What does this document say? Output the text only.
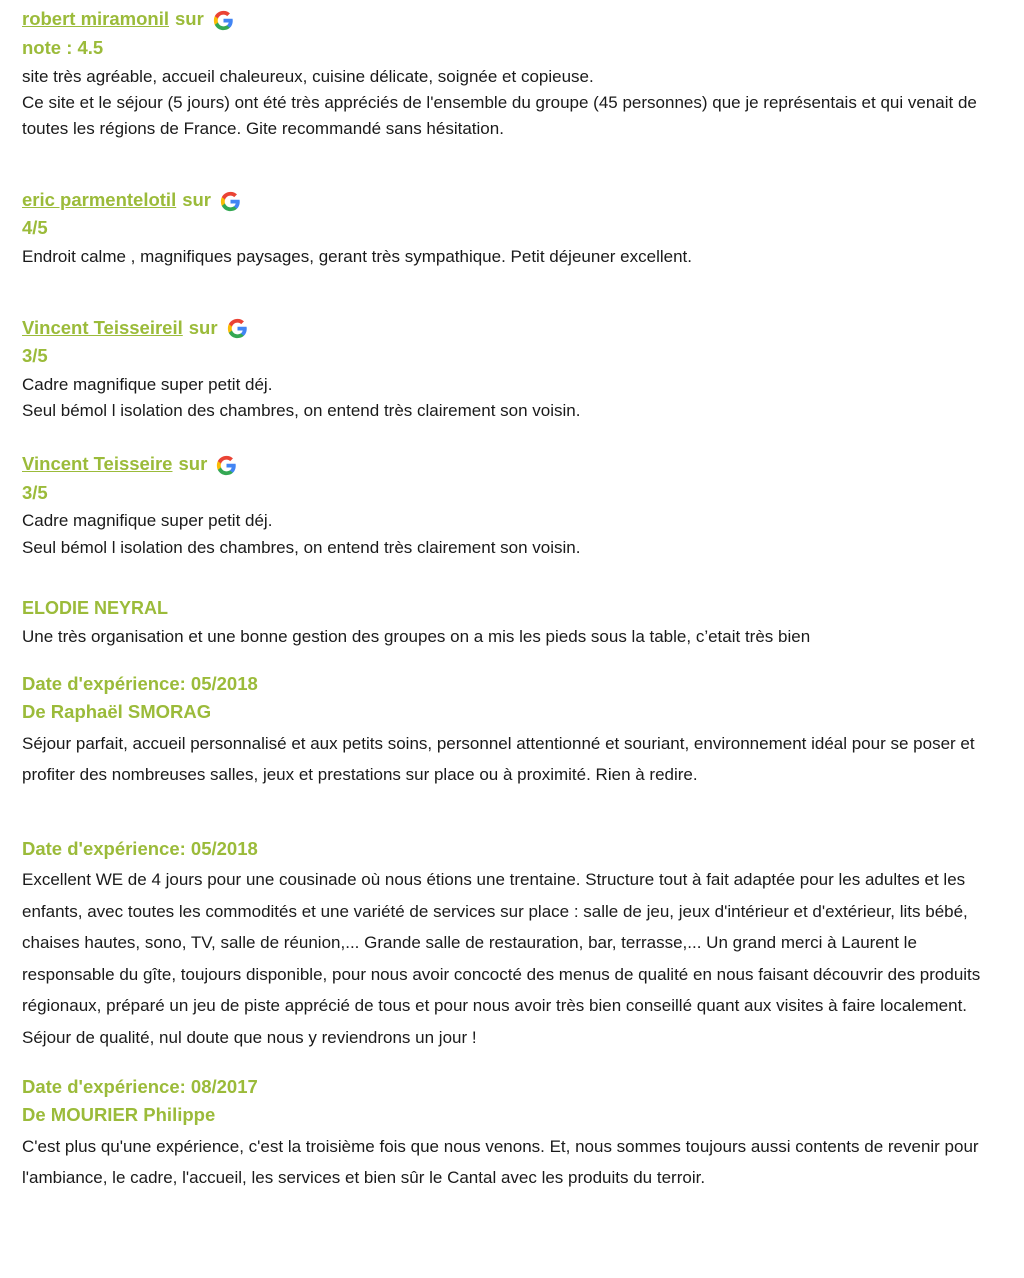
robert miramonil sur
note : 4.5

site très agréable, accueil chaleureux, cuisine délicate, soignée et copieuse.

Ce site et le séjour (5 jours) ont été très appréciés de l'ensemble du groupe (45 personnes) que je représentais et qui venait de toutes les régions de France. Gite recommandé sans hésitation.

eric parmentelotil sur
4/5

Endroit calme , magnifiques paysages, gerant très sympathique. Petit déjeuner excellent.

Vincent Teisseireil sur
3/5

Cadre magnifique super petit déj.

Seul bémol l isolation des chambres, on entend très clairement son voisin.

Vincent Teisseire sur
3/5

Cadre magnifique super petit déj.

Seul bémol l isolation des chambres, on entend très clairement son voisin.

ELODIE NEYRAL

Une très organisation et une bonne gestion des groupes on a mis les pieds sous la table, c’etait très bien

Date d'expérience: 05/2018
De Raphaël SMORAG

Séjour parfait, accueil personnalisé et aux petits soins, personnel attentionné et souriant, environnement idéal pour se poser et profiter des nombreuses salles, jeux et prestations sur place ou à proximité. Rien à redire.

Date d'expérience: 05/2018

Excellent WE de 4 jours pour une cousinade où nous étions une trentaine. Structure tout à fait adaptée pour les adultes et les enfants, avec toutes les commodités et une variété de services sur place : salle de jeu, jeux d'intérieur et d'extérieur, lits bébé, chaises hautes, sono, TV, salle de réunion,... Grande salle de restauration, bar, terrasse,... Un grand merci à Laurent le responsable du gîte, toujours disponible, pour nous avoir concocté des menus de qualité en nous faisant découvrir des produits régionaux, préparé un jeu de piste apprécié de tous et pour nous avoir très bien conseillé quant aux visites à faire localement. Séjour de qualité, nul doute que nous y reviendrons un jour !

Date d'expérience: 08/2017
De MOURIER Philippe

C'est plus qu'une expérience, c'est la troisième fois que nous venons. Et, nous sommes toujours aussi contents de revenir pour l'ambiance, le cadre, l'accueil, les services et bien sûr le Cantal avec les produits du terroir.
